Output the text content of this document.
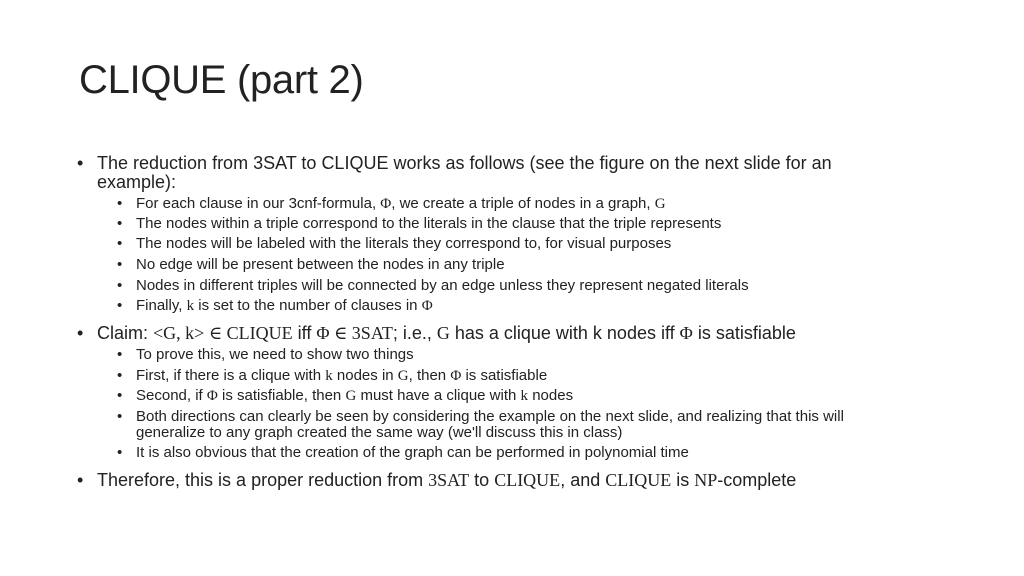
CLIQUE (part 2)
• The reduction from 3SAT to CLIQUE works as follows (see the figure on the next slide for an
example):
• For each clause in our 3cnf-formula, Φ, we create a triple of nodes in a graph, G
• The nodes within a triple correspond to the literals in the clause that the triple represents
• The nodes will be labeled with the literals they correspond to, for visual purposes
• No edge will be present between the nodes in any triple
• Nodes in different triples will be connected by an edge unless they represent negated literals
• Finally, k is set to the number of clauses in Φ
• Claim: <G, k> ∈ CLIQUE iff Φ ∈ 3SAT; i.e., G has a clique with k nodes iff Φ is satisfiable
• To prove this, we need to show two things
• First, if there is a clique with k nodes in G, then Φ is satisfiable
• Second, if Φ is satisfiable, then G must have a clique with k nodes
• Both directions can clearly be seen by considering the example on the next slide, and realizing that this will
generalize to any graph created the same way (we'll discuss this in class)
• It is also obvious that the creation of the graph can be performed in polynomial time
• Therefore, this is a proper reduction from 3SAT to CLIQUE, and CLIQUE is NP-complete
